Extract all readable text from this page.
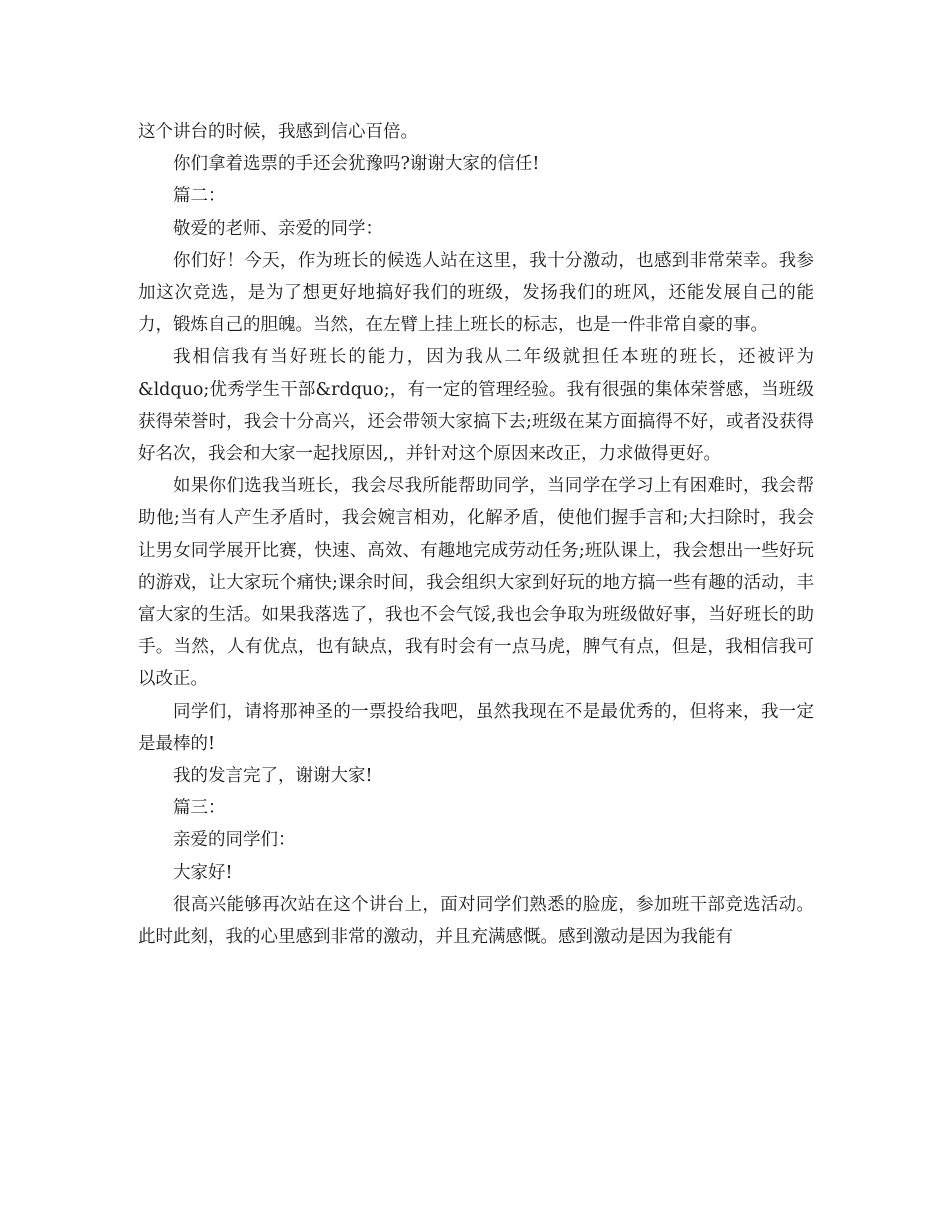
这个讲台的时候，我感到信心百倍。

你们拿着选票的手还会犹豫吗?谢谢大家的信任!

篇二：

敬爱的老师、亲爱的同学：

你们好！今天，作为班长的候选人站在这里，我十分激动，也感到非常荣幸。我参加这次竞选，是为了想更好地搞好我们的班级，发扬我们的班风，还能发展自己的能力，锻炼自己的胆魄。当然，在左臂上挂上班长的标志，也是一件非常自豪的事。

我相信我有当好班长的能力，因为我从二年级就担任本班的班长，还被评为&ldquo;优秀学生干部&rdquo;，有一定的管理经验。我有很强的集体荣誉感，当班级获得荣誉时，我会十分高兴，还会带领大家搞下去;班级在某方面搞得不好，或者没获得好名次，我会和大家一起找原因,，并针对这个原因来改正，力求做得更好。

如果你们选我当班长，我会尽我所能帮助同学，当同学在学习上有困难时，我会帮助他;当有人产生矛盾时，我会婉言相劝，化解矛盾，使他们握手言和;大扫除时，我会让男女同学展开比赛，快速、高效、有趣地完成劳动任务;班队课上，我会想出一些好玩的游戏，让大家玩个痛快;课余时间，我会组织大家到好玩的地方搞一些有趣的活动，丰富大家的生活。如果我落选了，我也不会气馁,我也会争取为班级做好事，当好班长的助手。当然，人有优点，也有缺点，我有时会有一点马虎，脾气有点，但是，我相信我可以改正。

同学们，请将那神圣的一票投给我吧，虽然我现在不是最优秀的，但将来，我一定是最棒的!

我的发言完了，谢谢大家!

篇三：

亲爱的同学们：

大家好!

很高兴能够再次站在这个讲台上，面对同学们熟悉的脸庞，参加班干部竞选活动。此时此刻，我的心里感到非常的激动，并且充满感慨。感到激动是因为我能有
